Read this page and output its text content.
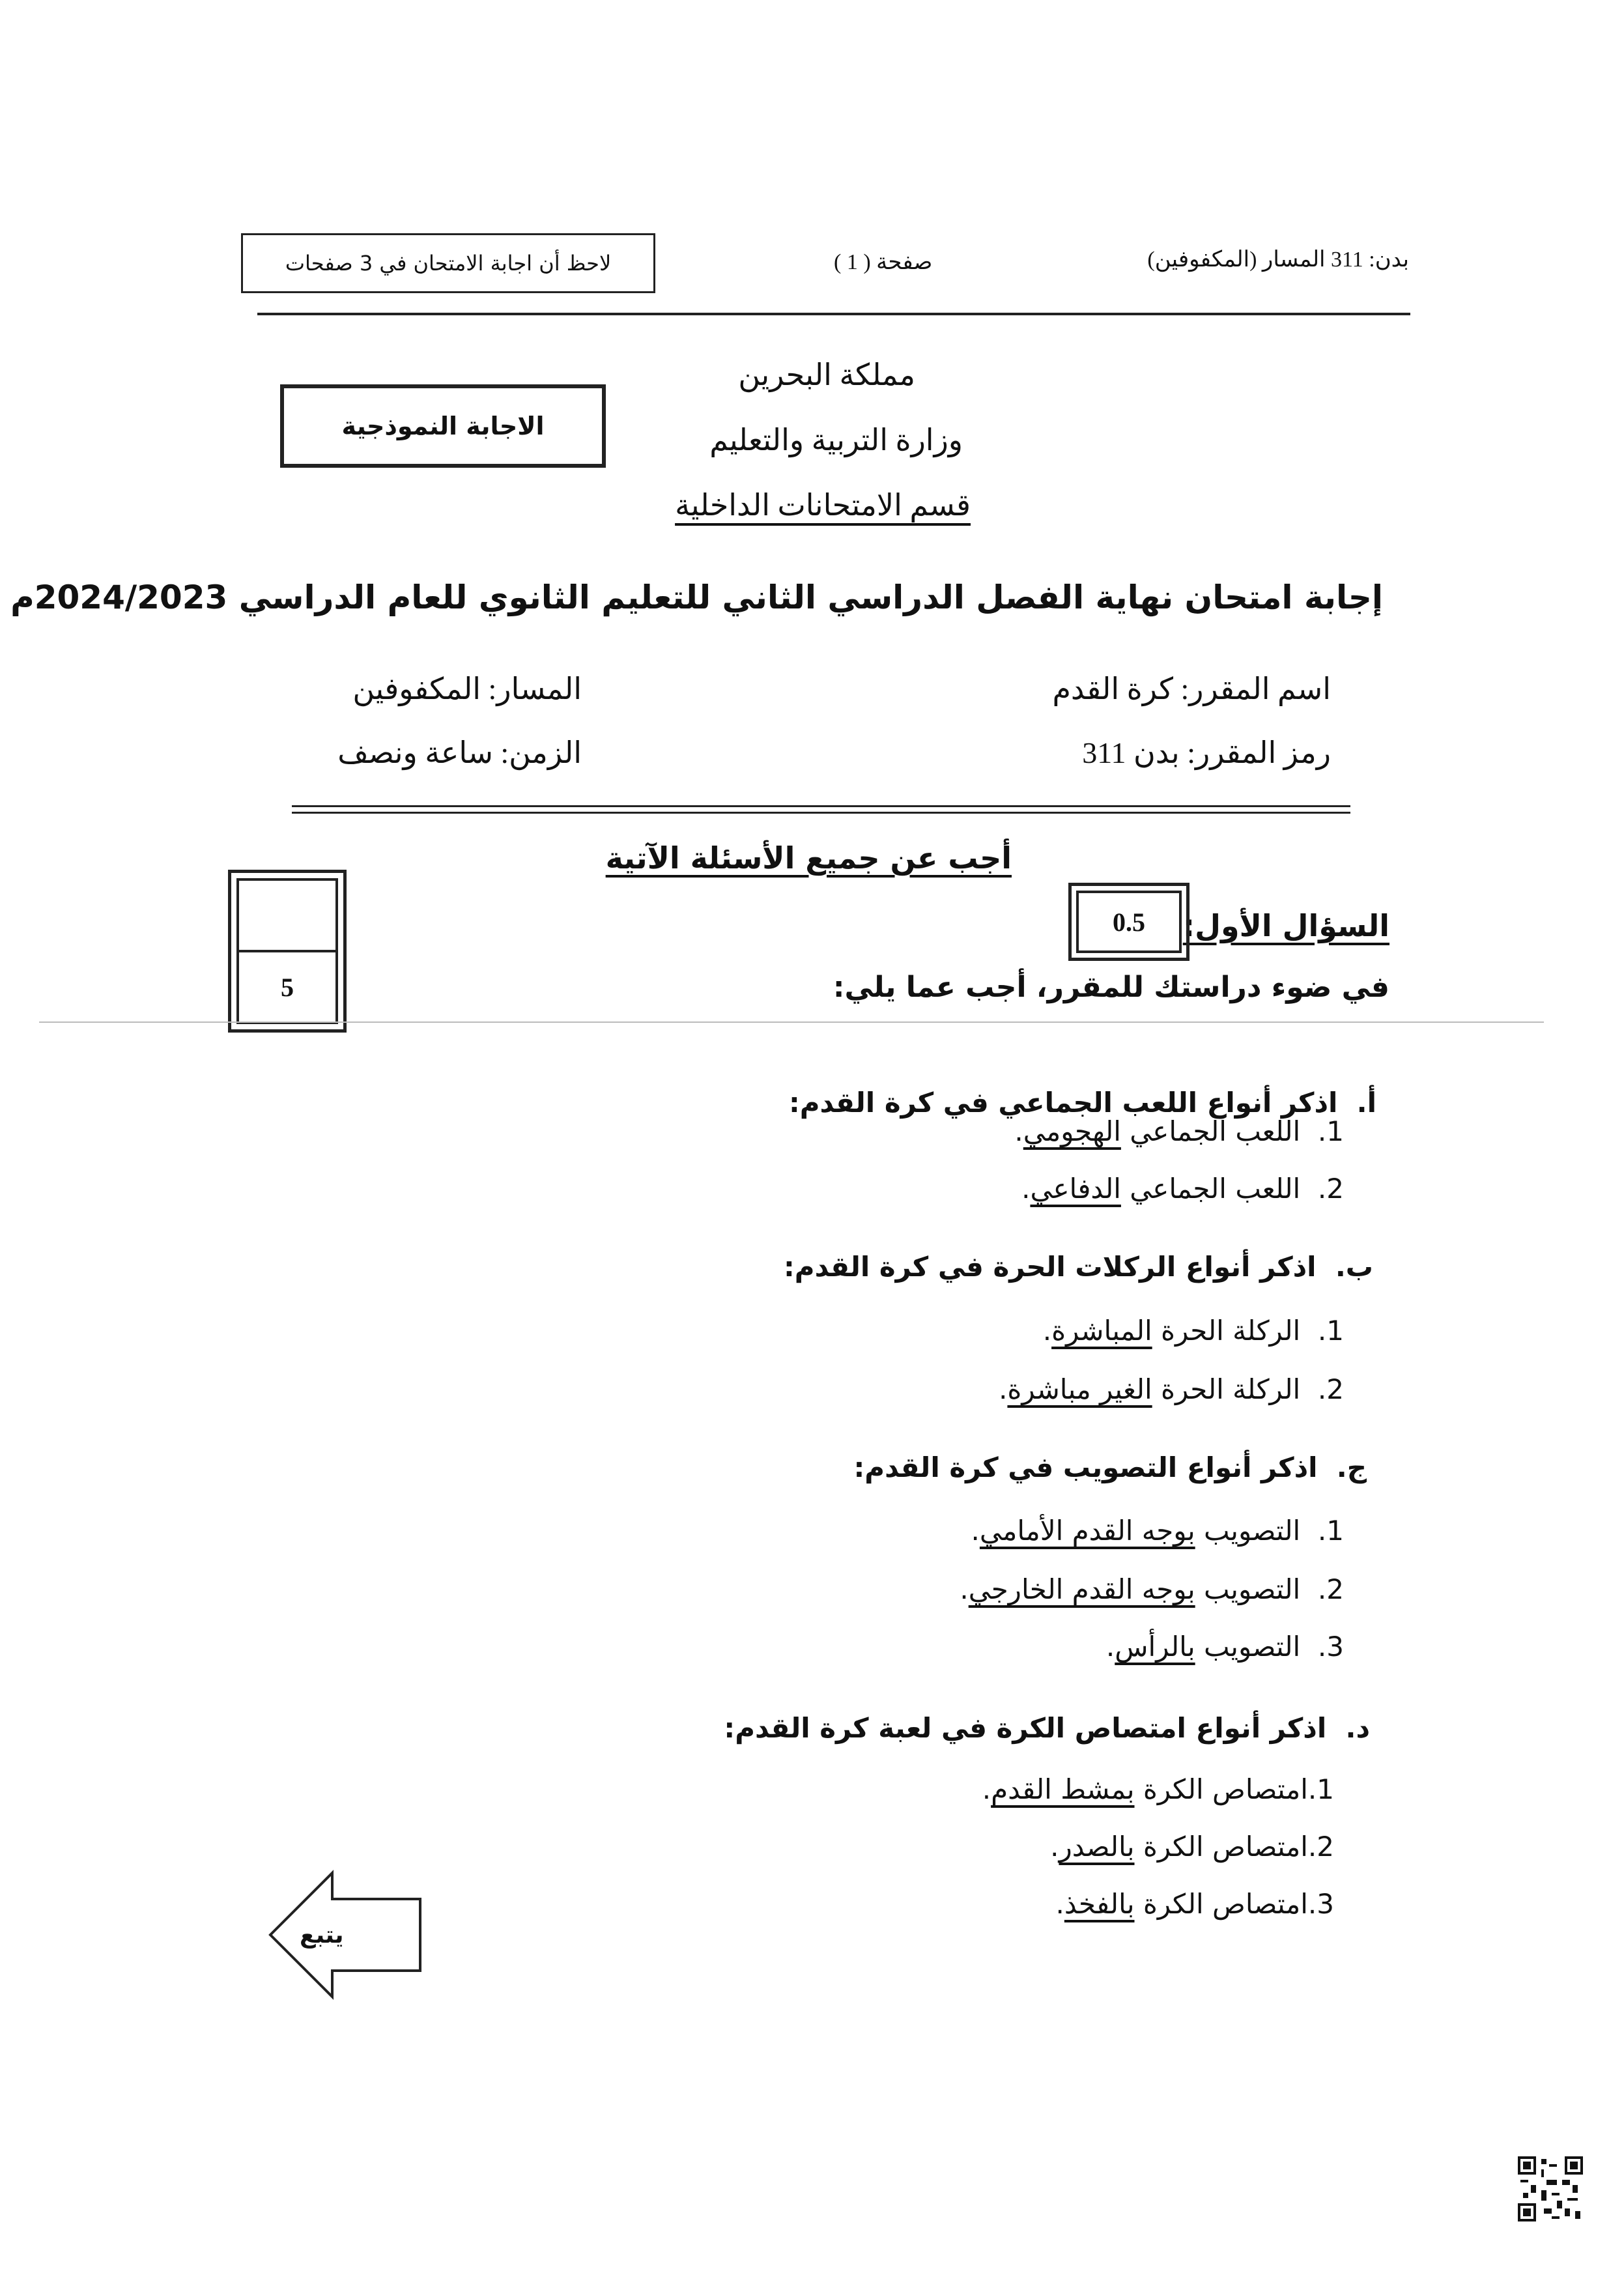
بدن: 311 المسار (المكفوفين)
صفحة ( 1 )
لاحظ أن اجابة الامتحان في 3 صفحات
مملكة البحرين
وزارة التربية والتعليم
قسم الامتحانات الداخلية
الاجابة النموذجية
إجابة امتحان نهاية الفصل الدراسي الثاني للتعليم الثانوي للعام الدراسي 2024/2023م
اسم المقرر: كرة القدم
رمز المقرر: بدن 311
المسار: المكفوفين
الزمن: ساعة ونصف
أجب عن جميع الأسئلة الآتية
5
السؤال الأول:
0.5
في ضوء دراستك للمقرر، أجب عما يلي:
أ.  اذكر أنواع اللعب الجماعي في كرة القدم:
1.  اللعب الجماعي الهجومي.
2.  اللعب الجماعي الدفاعي.
ب.  اذكر أنواع الركلات الحرة في كرة القدم:
1.  الركلة الحرة المباشرة.
2.  الركلة الحرة الغير مباشرة.
ج.  اذكر أنواع التصويب في كرة القدم:
1.  التصويب بوجه القدم الأمامي.
2.  التصويب بوجه القدم الخارجي.
3.  التصويب بالرأس.
د.  اذكر أنواع امتصاص الكرة في لعبة كرة القدم:
1.امتصاص الكرة بمشط القدم.
2.امتصاص الكرة بالصدر.
3.امتصاص الكرة بالفخذ.
يتبع
